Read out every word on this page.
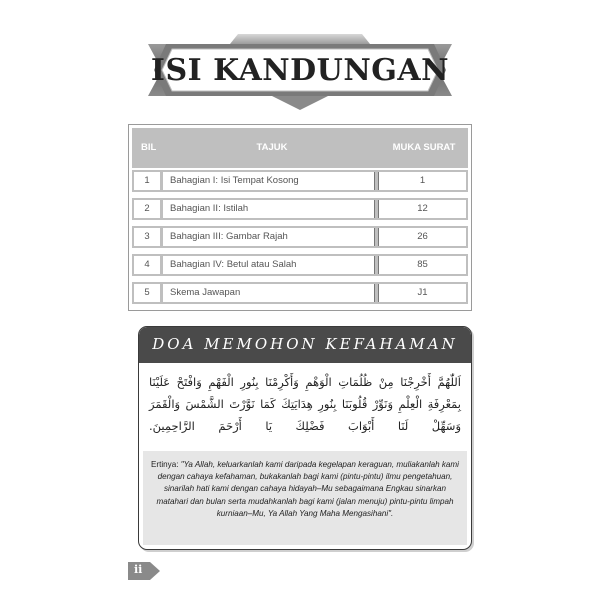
ISI KANDUNGAN
BIL	TAJUK	MUKA SURAT
1	Bahagian I: Isi Tempat Kosong	1
2	Bahagian II: Istilah	12
3	Bahagian III: Gambar Rajah	26
4	Bahagian IV: Betul atau Salah	85
5	Skema Jawapan	J1
DOA MEMOHON KEFAHAMAN
اَللّٰهُمَّ أَخْرِجْنَا مِنْ ظُلُمَاتِ الْوَهْمِ وَأَكْرِمْنَا بِنُورِ الْفَهْمِ وَافْتَحْ عَلَيْنَا بِمَعْرِفَةِ الْعِلْمِ وَنَوِّرْ قُلُوبَنَا بِنُورِ هِدَايَتِكَ كَمَا نَوَّرْتَ الشَّمْسَ وَالْقَمَرَ وَسَهِّلْ لَنَا أَبْوَابَ فَضْلِكَ يَا أَرْحَمَ الرَّاحِمِينَ.
Ertinya: "Ya Allah, keluarkanlah kami daripada kegelapan keraguan, muliakanlah kami dengan cahaya kefahaman, bukakanlah bagi kami (pintu-pintu) ilmu pengetahuan, sinarilah hati kami dengan cahaya hidayah–Mu sebagaimana Engkau sinarkan matahari dan bulan serta mudahkanlah bagi kami (jalan menuju) pintu-pintu limpah kurniaan–Mu, Ya Allah Yang Maha Mengasihani".
ii
